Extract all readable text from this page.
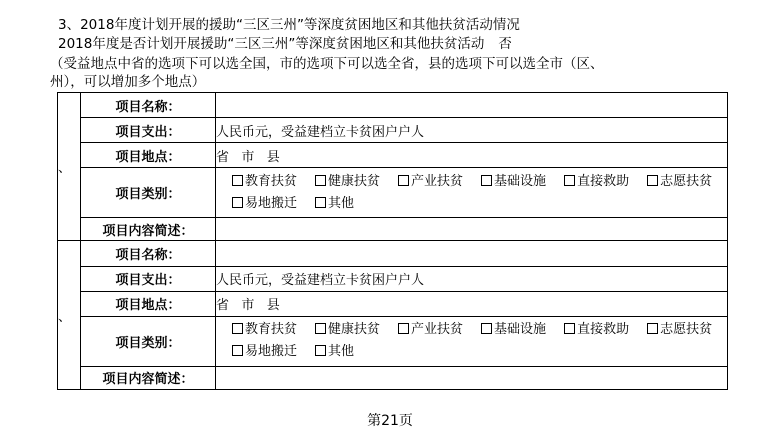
3、2018年度计划开展的援助“三区三州”等深度贫困地区和其他扶贫活动情况
2018年度是否计划开展援助“三区三州”等深度贫困地区和其他扶贫活动 否
（受益地点中省的选项下可以选全国，市的选项下可以选全省，县的选项下可以选全市（区、
州），可以增加多个地点）
、	项目名称：	
	项目支出：	人民币元，受益建档立卡贫困户户人
	项目地点：	省   市   县
	项目类别：	教育扶贫 健康扶贫 产业扶贫 基础设施 直接救助 志愿扶贫
易地搬迁 其他
	项目内容简述：	
、	项目名称：	
	项目支出：	人民币元，受益建档立卡贫困户户人
	项目地点：	省   市   县
	项目类别：	教育扶贫 健康扶贫 产业扶贫 基础设施 直接救助 志愿扶贫
易地搬迁 其他
	项目内容简述：	
第21页
